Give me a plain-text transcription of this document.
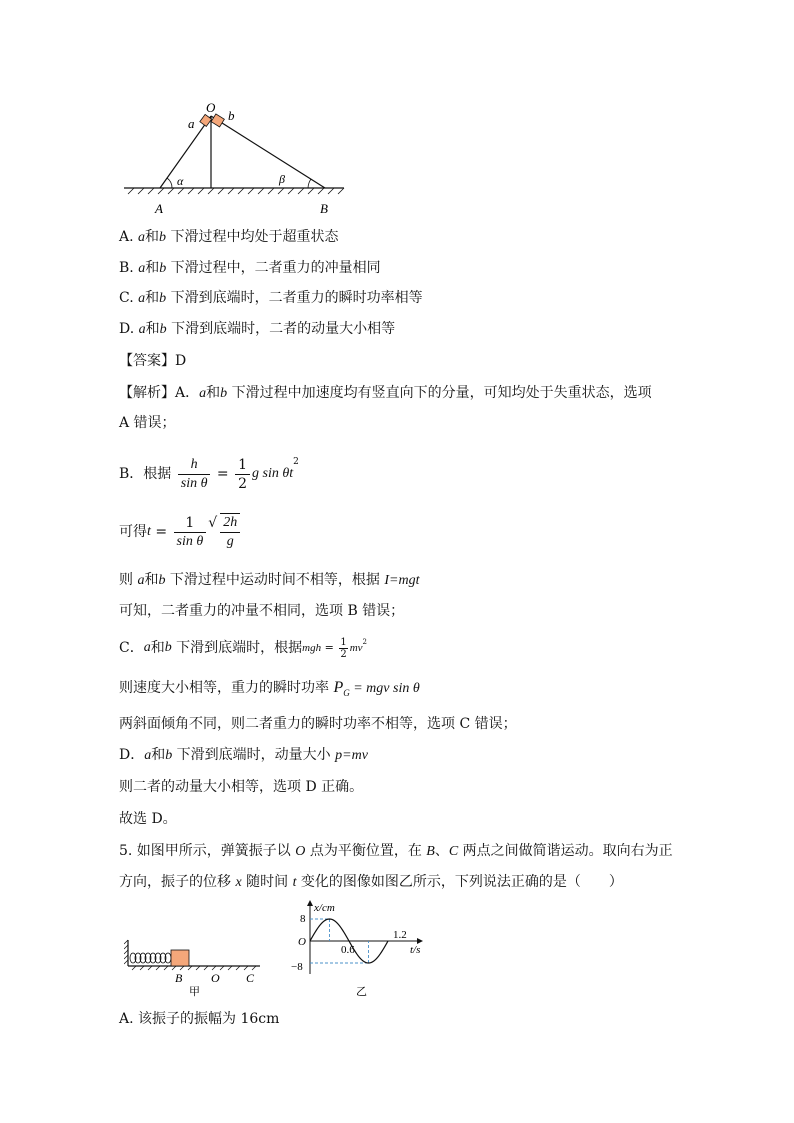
O
a
b
α	β
A	B
A. a和b 下滑过程中均处于超重状态
B. a和b 下滑过程中，二者重力的冲量相同
C. a和b 下滑到底端时，二者重力的瞬时功率相等
D. a和b 下滑到底端时，二者的动量大小相等
【答案】D
【解析】A．a和b 下滑过程中加速度均有竖直向下的分量，可知均处于失重状态，选项
A 错误；
B．根据 $\frac{h}{\text{sin θ}} = \frac{1}{2}$ g $\sin \theta t^2$
可得$t = \frac{1}{\text{sin θ}}$ √ $\frac{2h}{g}$
则 a和b 下滑过程中运动时间不相等，根据 I=mgt
可知，二者重力的冲量不相同，选项 B 错误；
C．a和b 下滑到底端时，根据mgh = $\frac{1}{2} mv^2$
则速度大小相等，重力的瞬时功率 $P_G$ = mgv sin θ
两斜面倾角不同，则二者重力的瞬时功率不相等，选项 C 错误；
D．a和b 下滑到底端时，动量大小 p=mv
则二者的动量大小相等，选项 D 正确。
故选 D。
5. 如图甲所示，弹簧振子以 O 点为平衡位置，在 B、C 两点之间做简谐运动。取向右为正
方向，振子的位移 x 随时间 t 变化的图像如图乙所示，下列说法正确的是（　　）
B O C
甲
x/cm
t/s
O
8
−8
0.6
1.2
乙
A. 该振子的振幅为 16cm
